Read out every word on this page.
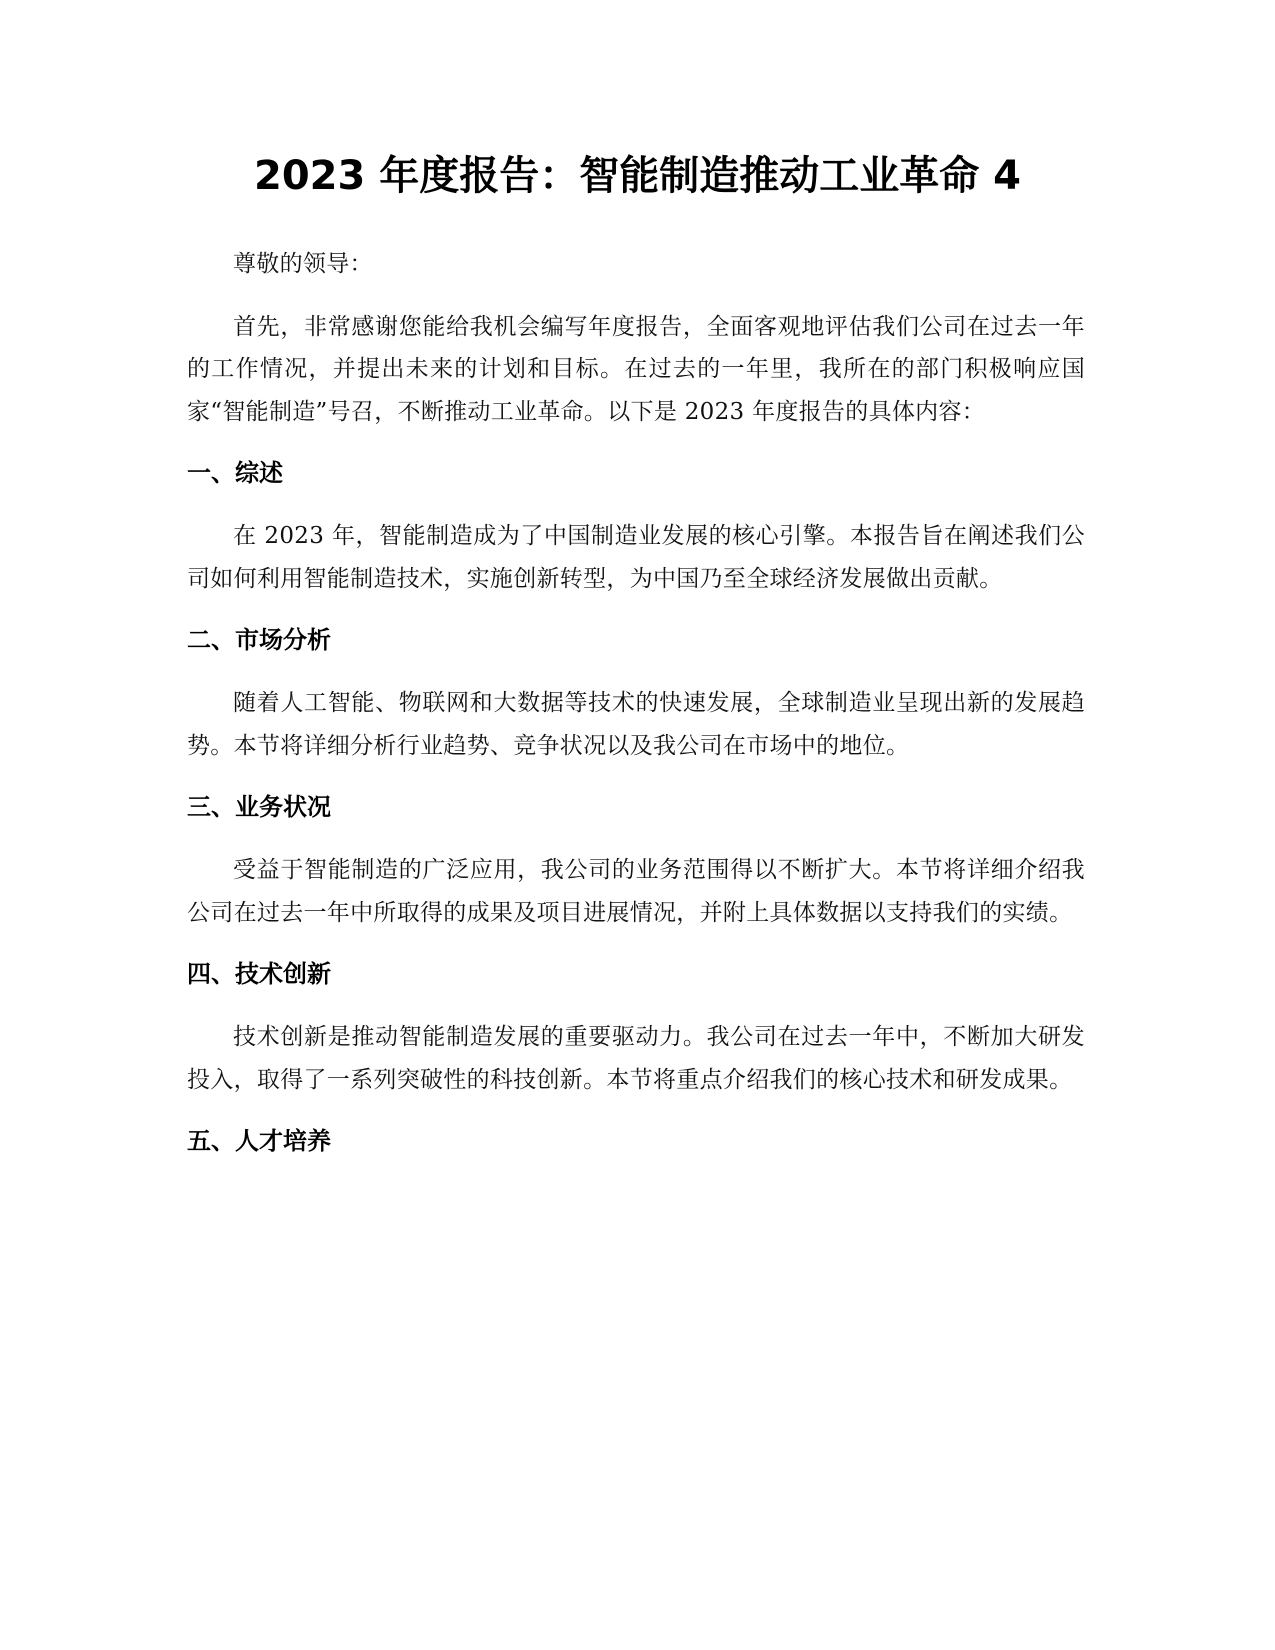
2023 年度报告：智能制造推动工业革命 4

尊敬的领导：

首先，非常感谢您能给我机会编写年度报告，全面客观地评估我们公司在过去一年的工作情况，并提出未来的计划和目标。在过去的一年里，我所在的部门积极响应国家“智能制造”号召，不断推动工业革命。以下是 2023 年度报告的具体内容：

一、综述

在 2023 年，智能制造成为了中国制造业发展的核心引擎。本报告旨在阐述我们公司如何利用智能制造技术，实施创新转型，为中国乃至全球经济发展做出贡献。

二、市场分析

随着人工智能、物联网和大数据等技术的快速发展，全球制造业呈现出新的发展趋势。本节将详细分析行业趋势、竞争状况以及我公司在市场中的地位。

三、业务状况

受益于智能制造的广泛应用，我公司的业务范围得以不断扩大。本节将详细介绍我公司在过去一年中所取得的成果及项目进展情况，并附上具体数据以支持我们的实绩。

四、技术创新

技术创新是推动智能制造发展的重要驱动力。我公司在过去一年中，不断加大研发投入，取得了一系列突破性的科技创新。本节将重点介绍我们的核心技术和研发成果。

五、人才培养
